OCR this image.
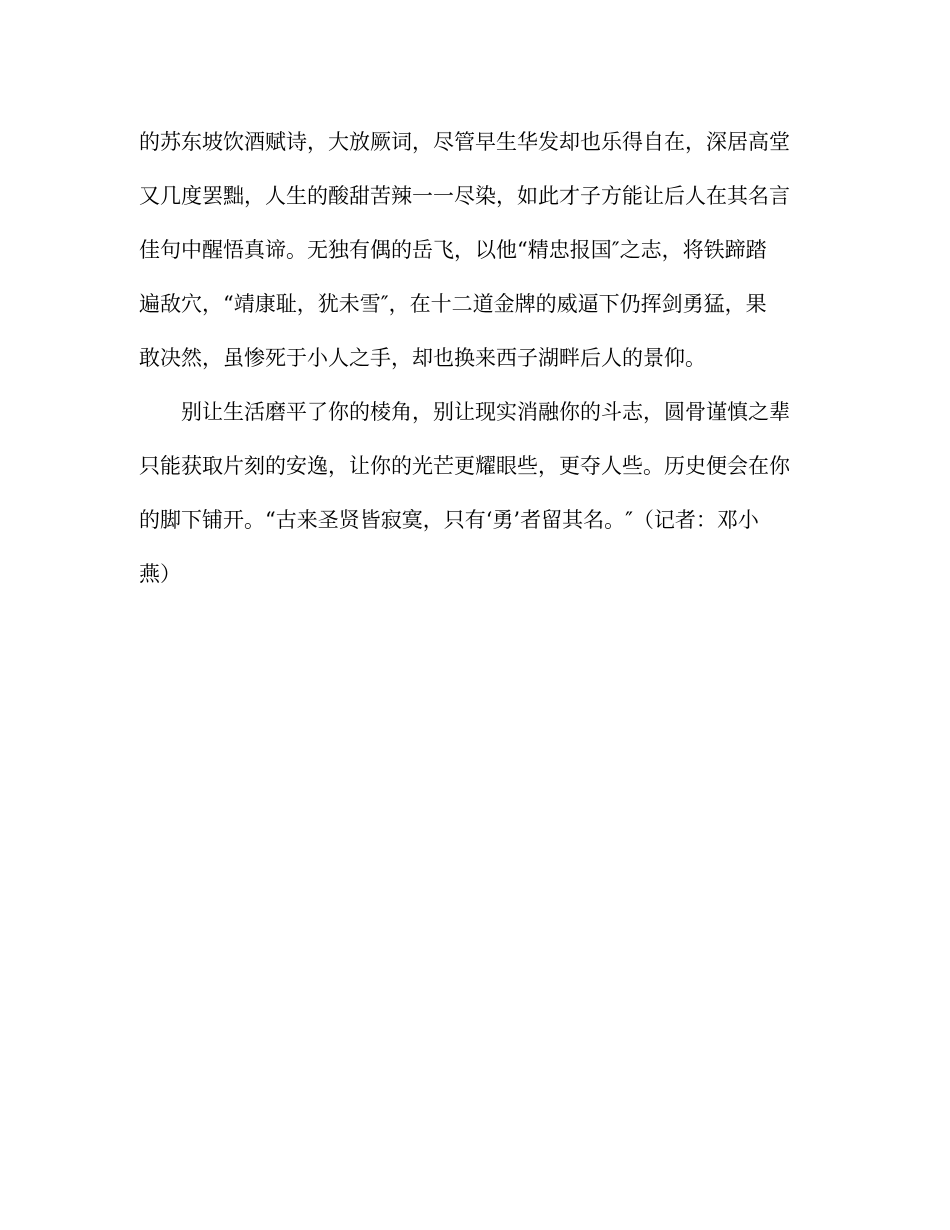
的苏东坡饮酒赋诗，大放厥词，尽管早生华发却也乐得自在，深居高堂
又几度罢黜，人生的酸甜苦辣一一尽染，如此才子方能让后人在其名言
佳句中醒悟真谛。无独有偶的岳飞，以他“精忠报国″之志，将铁蹄踏
遍敌穴，“靖康耻，犹未雪″，在十二道金牌的威逼下仍挥剑勇猛，果
敢决然，虽惨死于小人之手，却也换来西子湖畔后人的景仰。
别让生活磨平了你的棱角，别让现实消融你的斗志，圆骨谨慎之辈
只能获取片刻的安逸，让你的光芒更耀眼些，更夺人些。历史便会在你
的脚下铺开。“古来圣贤皆寂寞，只有‘勇’者留其名。″（记者：邓小
燕）
